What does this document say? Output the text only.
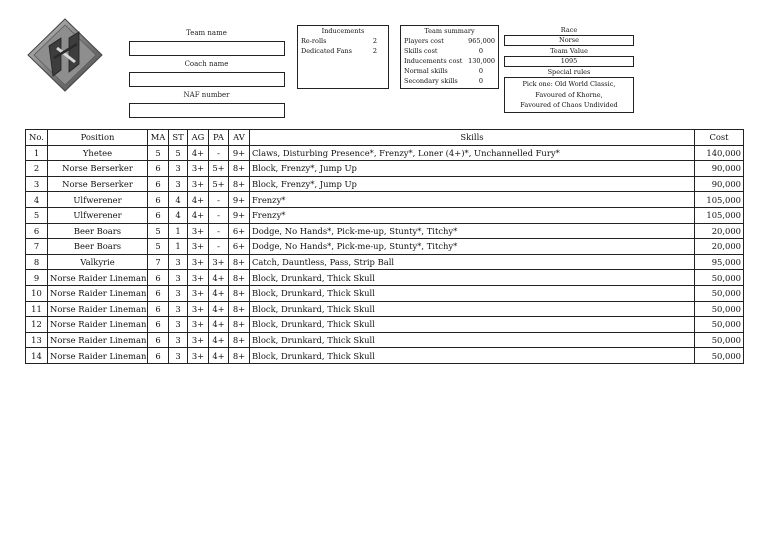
Team name
Coach name
NAF number
Inducements
Re-rolls	2
Dedicated Fans	2
Team summary
Players cost	965,000
Skills cost	0
Inducements cost 130,000
Normal skills	0
Secondary skills	0
Race
Norse
Team Value
1095
Special rules
Pick one: Old World Classic,
Favoured of Khorne,
Favoured of Chaos Undivided
No.	Position	MA	ST	AG	PA	AV	Skills	Cost
1	Yhetee	5	5	4+	-	9+	Claws, Disturbing Presence*, Frenzy*, Loner (4+)*, Unchannelled Fury*	140,000
2	Norse Berserker	6	3	3+	5+	8+	Block, Frenzy*, Jump Up	90,000
3	Norse Berserker	6	3	3+	5+	8+	Block, Frenzy*, Jump Up	90,000
4	Ulfwerener	6	4	4+	-	9+	Frenzy*	105,000
5	Ulfwerener	6	4	4+	-	9+	Frenzy*	105,000
6	Beer Boars	5	1	3+	-	6+	Dodge, No Hands*, Pick-me-up, Stunty*, Titchy*	20,000
7	Beer Boars	5	1	3+	-	6+	Dodge, No Hands*, Pick-me-up, Stunty*, Titchy*	20,000
8	Valkyrie	7	3	3+	3+	8+	Catch, Dauntless, Pass, Strip Ball	95,000
9	Norse Raider Lineman	6	3	3+	4+	8+	Block, Drunkard, Thick Skull	50,000
10	Norse Raider Lineman	6	3	3+	4+	8+	Block, Drunkard, Thick Skull	50,000
11	Norse Raider Lineman	6	3	3+	4+	8+	Block, Drunkard, Thick Skull	50,000
12	Norse Raider Lineman	6	3	3+	4+	8+	Block, Drunkard, Thick Skull	50,000
13	Norse Raider Lineman	6	3	3+	4+	8+	Block, Drunkard, Thick Skull	50,000
14	Norse Raider Lineman	6	3	3+	4+	8+	Block, Drunkard, Thick Skull	50,000
